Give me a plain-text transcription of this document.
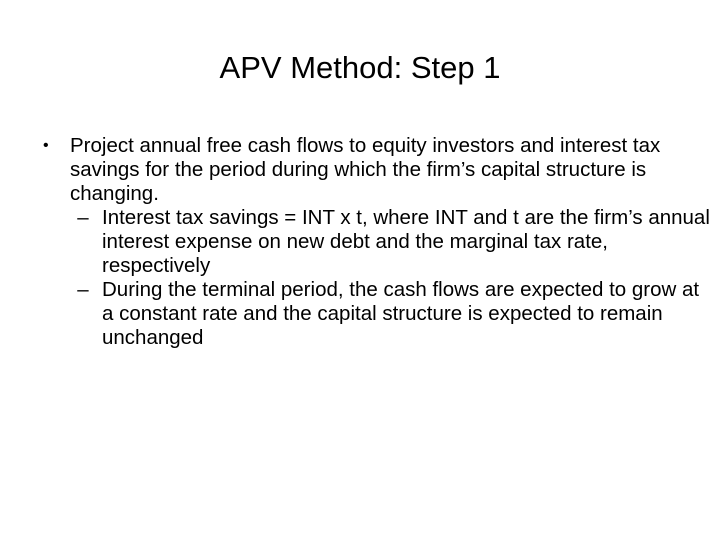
APV Method: Step 1
• Project annual free cash flows to equity investors and interest tax savings for the period during which the firm’s capital structure is changing.
– Interest tax savings = INT x t, where INT and t are the firm’s annual interest expense on new debt and the marginal tax rate, respectively
– During the terminal period, the cash flows are expected to grow at a constant rate and the capital structure is expected to remain unchanged
